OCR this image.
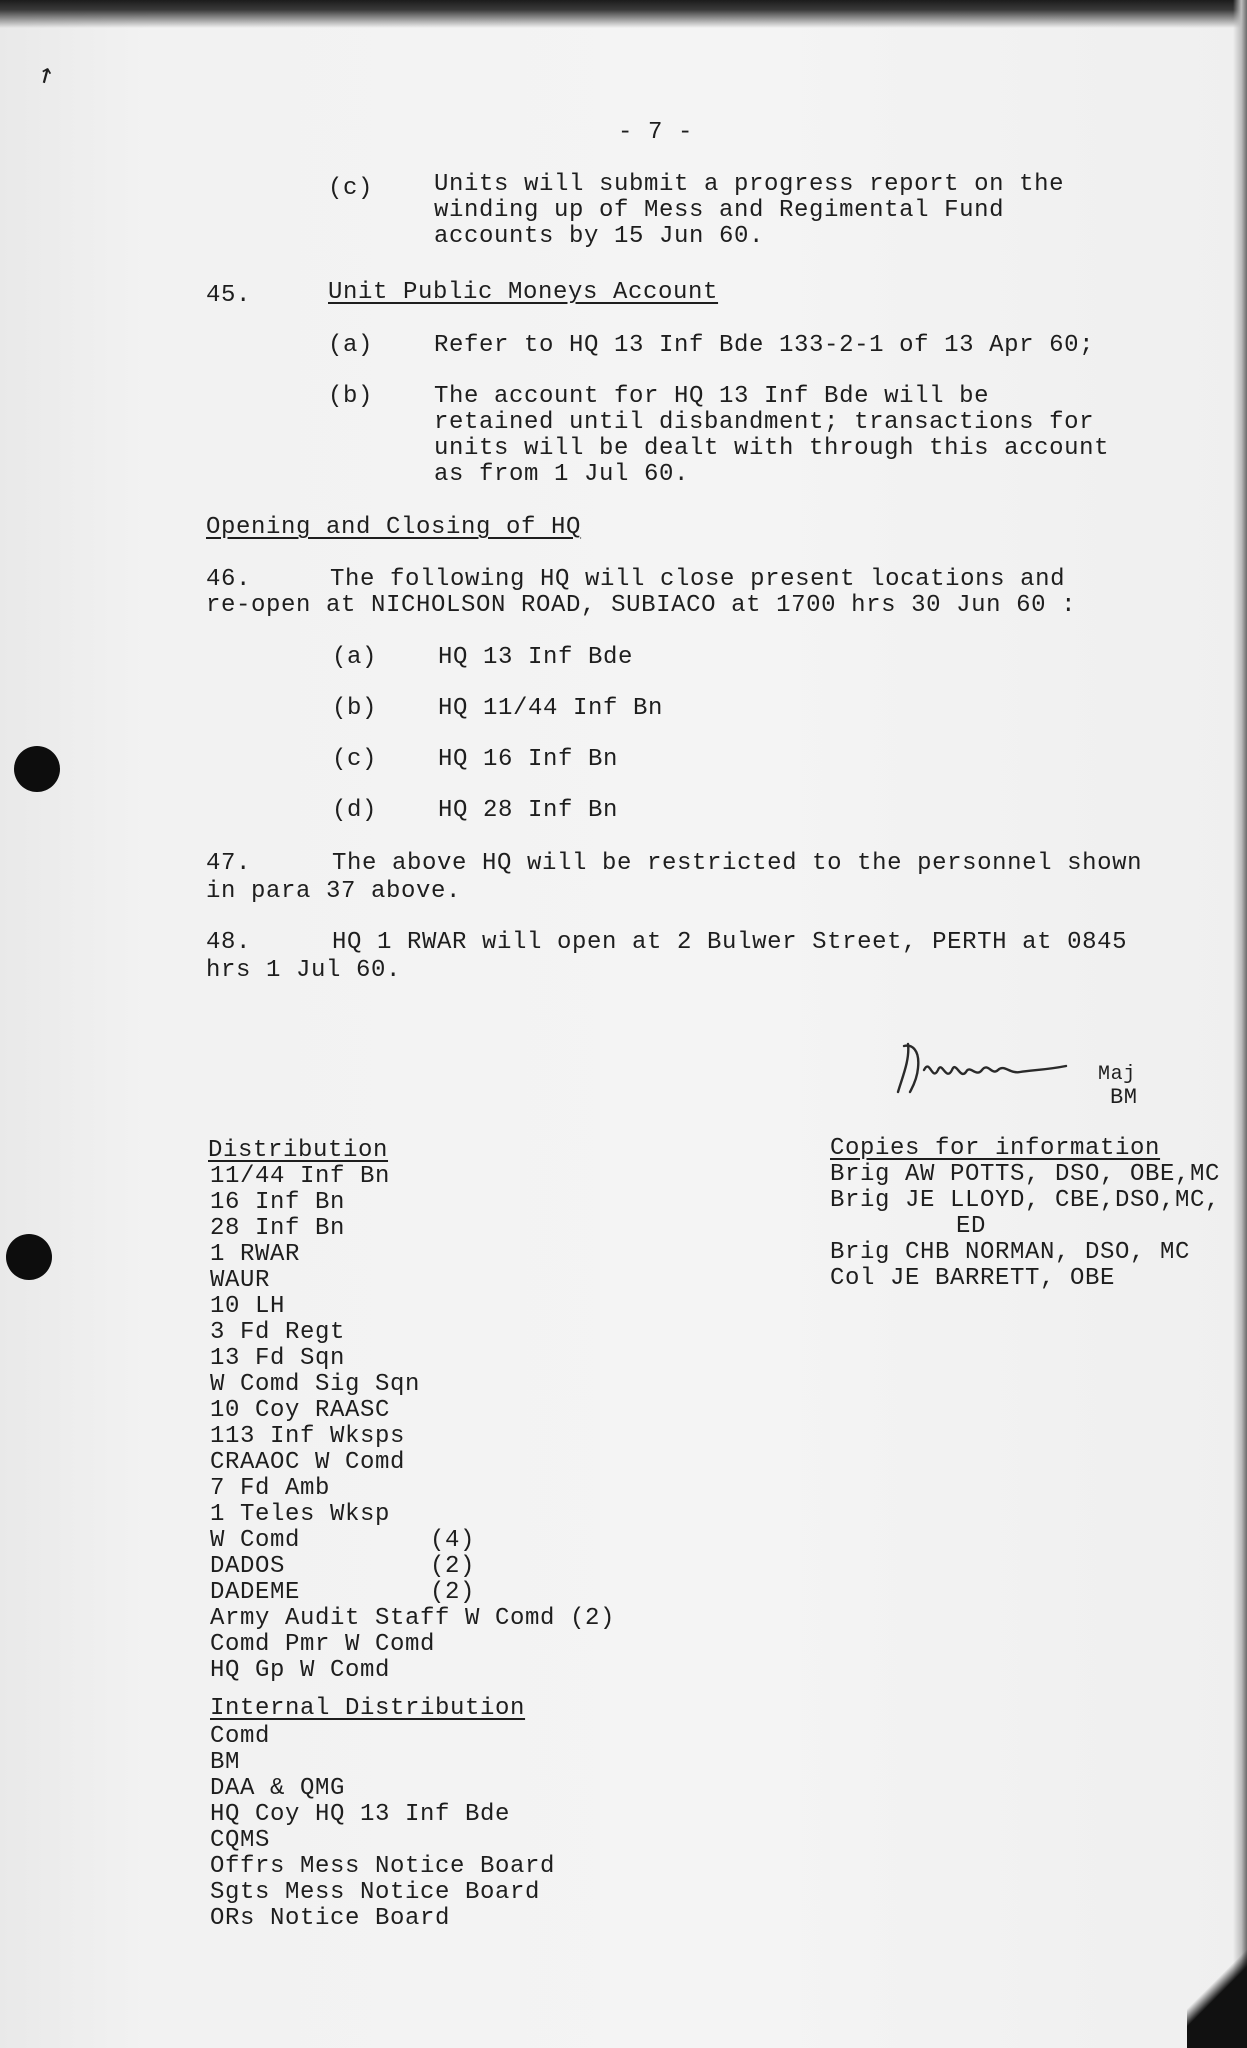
↗
- 7 -
(c)	Units will submit a progress report on the
winding up of Mess and Regimental Fund
accounts by 15 Jun 60.
45.	Unit Public Moneys Account
(a)	Refer to HQ 13 Inf Bde 133-2-1 of 13 Apr 60;
(b)	The account for HQ 13 Inf Bde will be
retained until disbandment; transactions for
units will be dealt with through this account
as from 1 Jul 60.
Opening and Closing of HQ
46.	The following HQ will close present locations and
re-open at NICHOLSON ROAD, SUBIACO at 1700 hrs 30 Jun 60 :
(a)	HQ 13 Inf Bde
(b)	HQ 11/44 Inf Bn
(c)	HQ 16 Inf Bn
(d)	HQ 28 Inf Bn
47.	The above HQ will be restricted to the personnel shown
in para 37 above.
48.	HQ 1 RWAR will open at 2 Bulwer Street, PERTH at 0845
hrs 1 Jul 60.
Maj
BM
Distribution
11/44 Inf Bn
16 Inf Bn
28 Inf Bn
1 RWAR
WAUR
10 LH
3 Fd Regt
13 Fd Sqn
W Comd Sig Sqn
10 Coy RAASC
113 Inf Wksps
CRAAOC W Comd
7 Fd Amb
1 Teles Wksp
W Comd	(4)
DADOS	(2)
DADEME	(2)
Army Audit Staff W Comd (2)
Comd Pmr W Comd
HQ Gp W Comd
Internal Distribution
Comd
BM
DAA & QMG
HQ Coy HQ 13 Inf Bde
CQMS
Offrs Mess Notice Board
Sgts Mess Notice Board
ORs Notice Board
Copies for information
Brig AW POTTS, DSO, OBE,MC
Brig JE LLOYD, CBE,DSO,MC,
ED
Brig CHB NORMAN, DSO, MC
Col JE BARRETT, OBE
